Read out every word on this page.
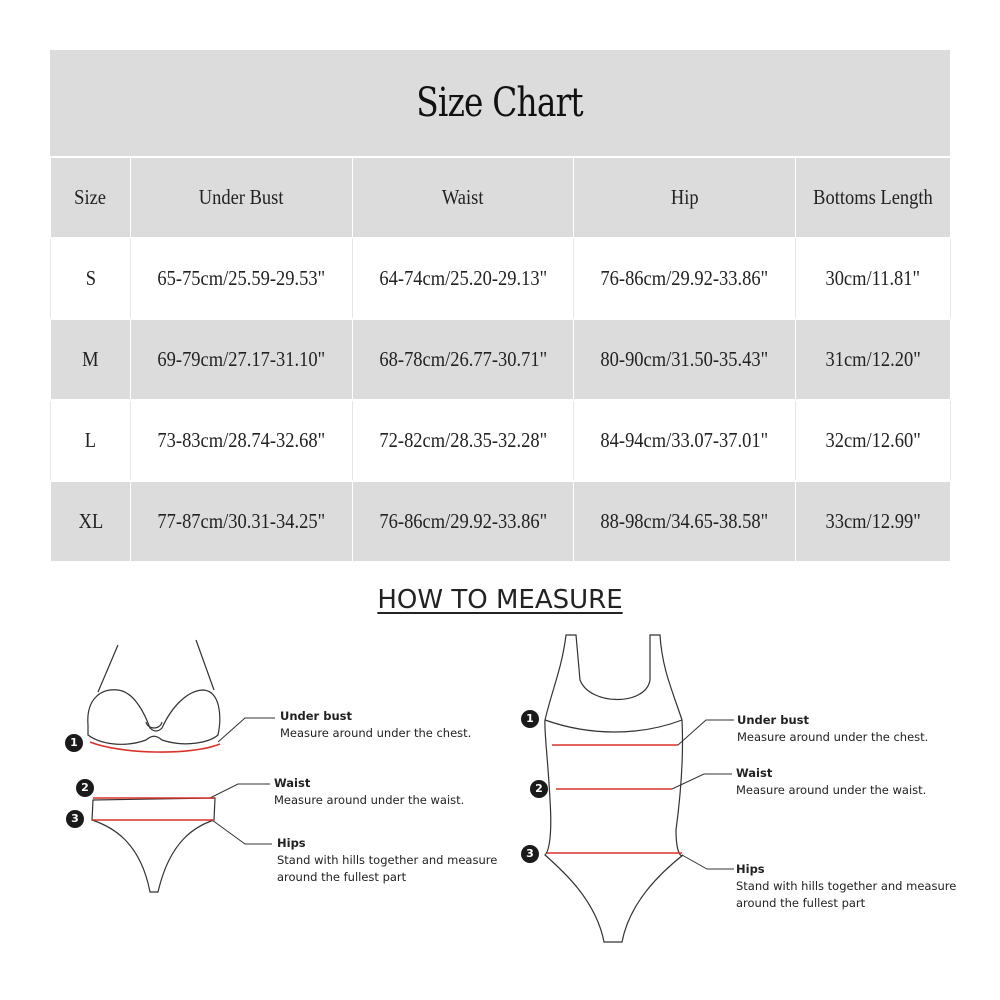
Size Chart
Size	Under Bust	Waist	Hip	Bottoms Length
S	65-75cm/25.59-29.53"	64-74cm/25.20-29.13"	76-86cm/29.92-33.86"	30cm/11.81"
M	69-79cm/27.17-31.10"	68-78cm/26.77-30.71"	80-90cm/31.50-35.43"	31cm/12.20"
L	73-83cm/28.74-32.68"	72-82cm/28.35-32.28"	84-94cm/33.07-37.01"	32cm/12.60"
XL	77-87cm/30.31-34.25"	76-86cm/29.92-33.86"	88-98cm/34.65-38.58"	33cm/12.99"
HOW TO MEASURE
1
2
3
1
2
3
Under bust
Measure around under the chest.
Waist
Measure around under the waist.
Hips
Stand with hills together and measure
around the fullest part
Under bust
Measure around under the chest.
Waist
Measure around under the waist.
Hips
Stand with hills together and measure
around the fullest part
